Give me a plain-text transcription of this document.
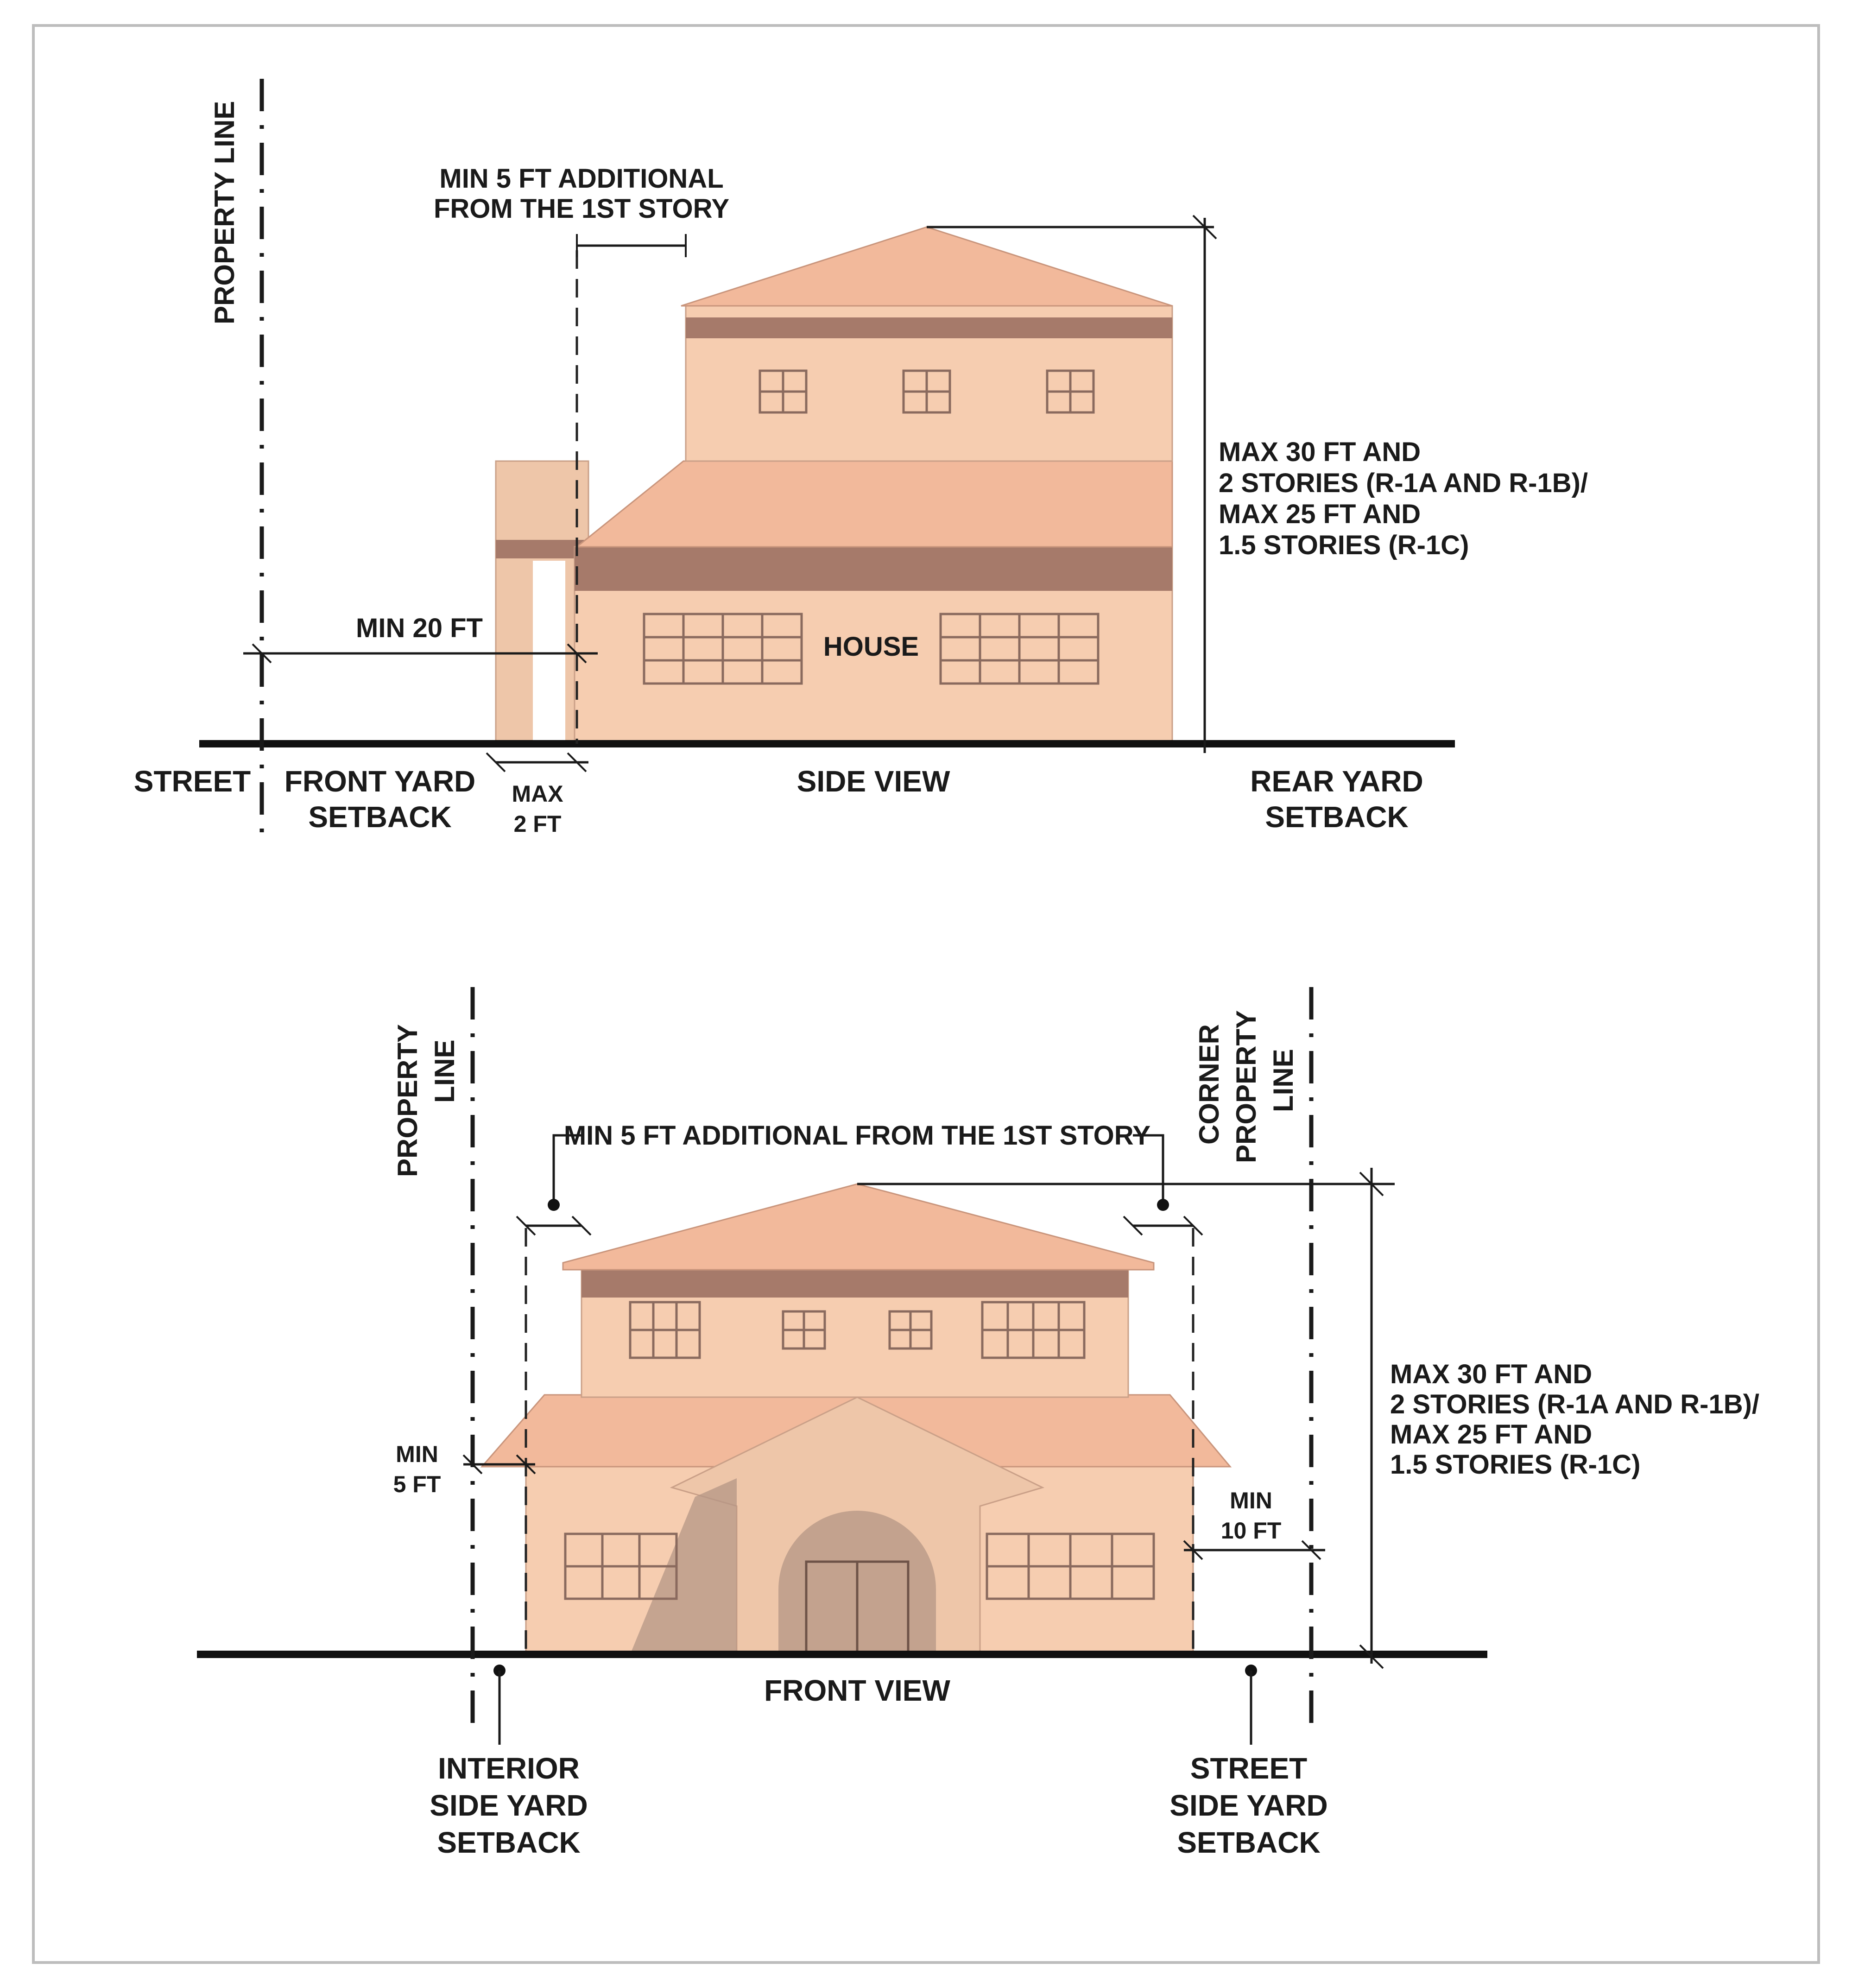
PROPERTY LINE	MIN 5 FT ADDITIONAL
FROM THE 1ST STORY
MAX 30 FT AND
2 STORIES (R-1A AND R-1B)/
MAX 25 FT AND
1.5 STORIES (R-1C)
MIN 20 FT
HOUSE
STREET FRONT YARD
SETBACK
MAX
2 FT
SIDE VIEW	REAR YARD
SETBACK
PROPERTY LINE	CORNER PROPERTY LINE
MIN 5 FT ADDITIONAL FROM THE 1ST STORY
MAX 30 FT AND
2 STORIES (R-1A AND R-1B)/
MAX 25 FT AND
1.5 STORIES (R-1C)
MIN
5 FT
MIN
10 FT
FRONT VIEW
INTERIOR
SIDE YARD
SETBACK
STREET
SIDE YARD
SETBACK
